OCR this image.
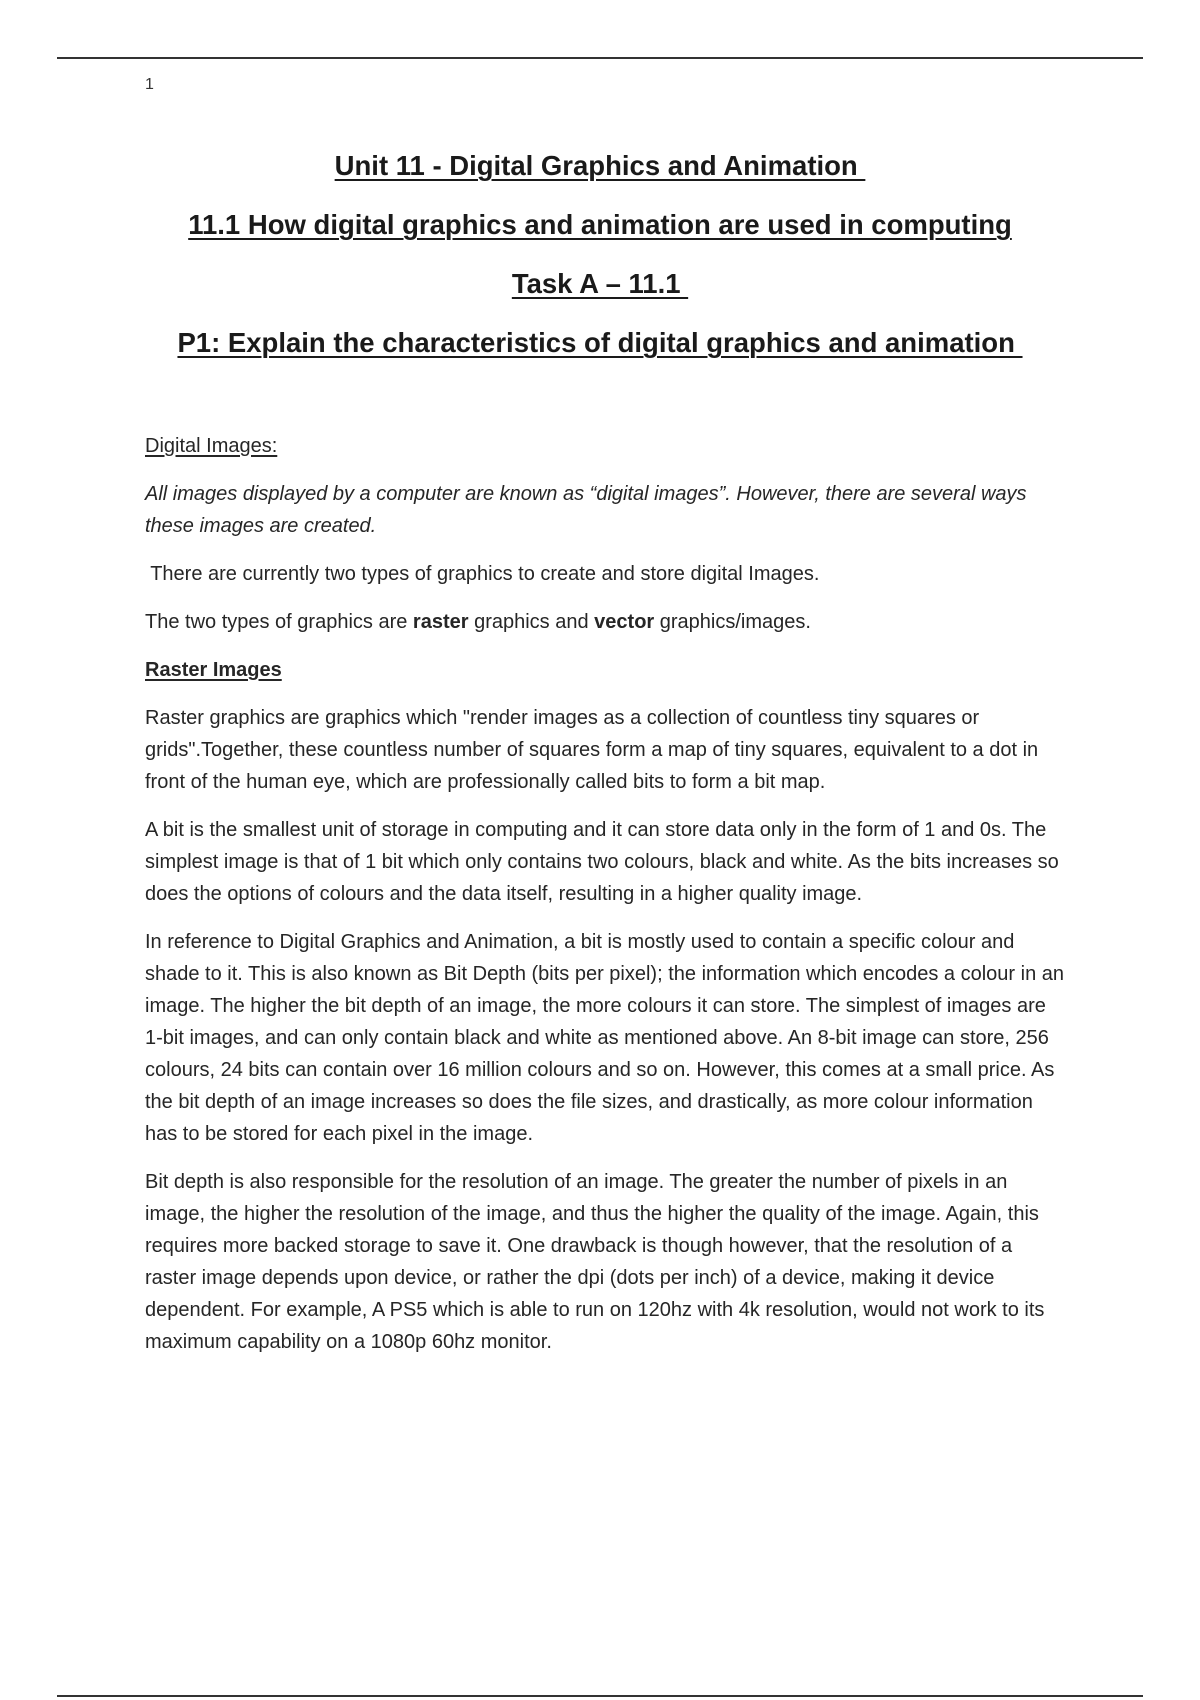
1
Unit 11 - Digital Graphics and Animation
11.1 How digital graphics and animation are used in computing
Task A – 11.1
P1: Explain the characteristics of digital graphics and animation

Digital Images:

All images displayed by a computer are known as “digital images”. However, there are several ways these images are created.

There are currently two types of graphics to create and store digital Images.

The two types of graphics are raster graphics and vector graphics/images.

Raster Images

Raster graphics are graphics which "render images as a collection of countless tiny squares or grids".Together, these countless number of squares form a map of tiny squares, equivalent to a dot in front of the human eye, which are professionally called bits to form a bit map.

A bit is the smallest unit of storage in computing and it can store data only in the form of 1 and 0s. The simplest image is that of 1 bit which only contains two colours, black and white. As the bits increases so does the options of colours and the data itself, resulting in a higher quality image.

In reference to Digital Graphics and Animation, a bit is mostly used to contain a specific colour and shade to it. This is also known as Bit Depth (bits per pixel); the information which encodes a colour in an image. The higher the bit depth of an image, the more colours it can store. The simplest of images are 1-bit images, and can only contain black and white as mentioned above. An 8-bit image can store, 256 colours, 24 bits can contain over 16 million colours and so on. However, this comes at a small price. As the bit depth of an image increases so does the file sizes, and drastically, as more colour information has to be stored for each pixel in the image.

Bit depth is also responsible for the resolution of an image. The greater the number of pixels in an image, the higher the resolution of the image, and thus the higher the quality of the image. Again, this requires more backed storage to save it. One drawback is though however, that the resolution of a raster image depends upon device, or rather the dpi (dots per inch) of a device, making it device dependent. For example, A PS5 which is able to run on 120hz with 4k resolution, would not work to its maximum capability on a 1080p 60hz monitor.
